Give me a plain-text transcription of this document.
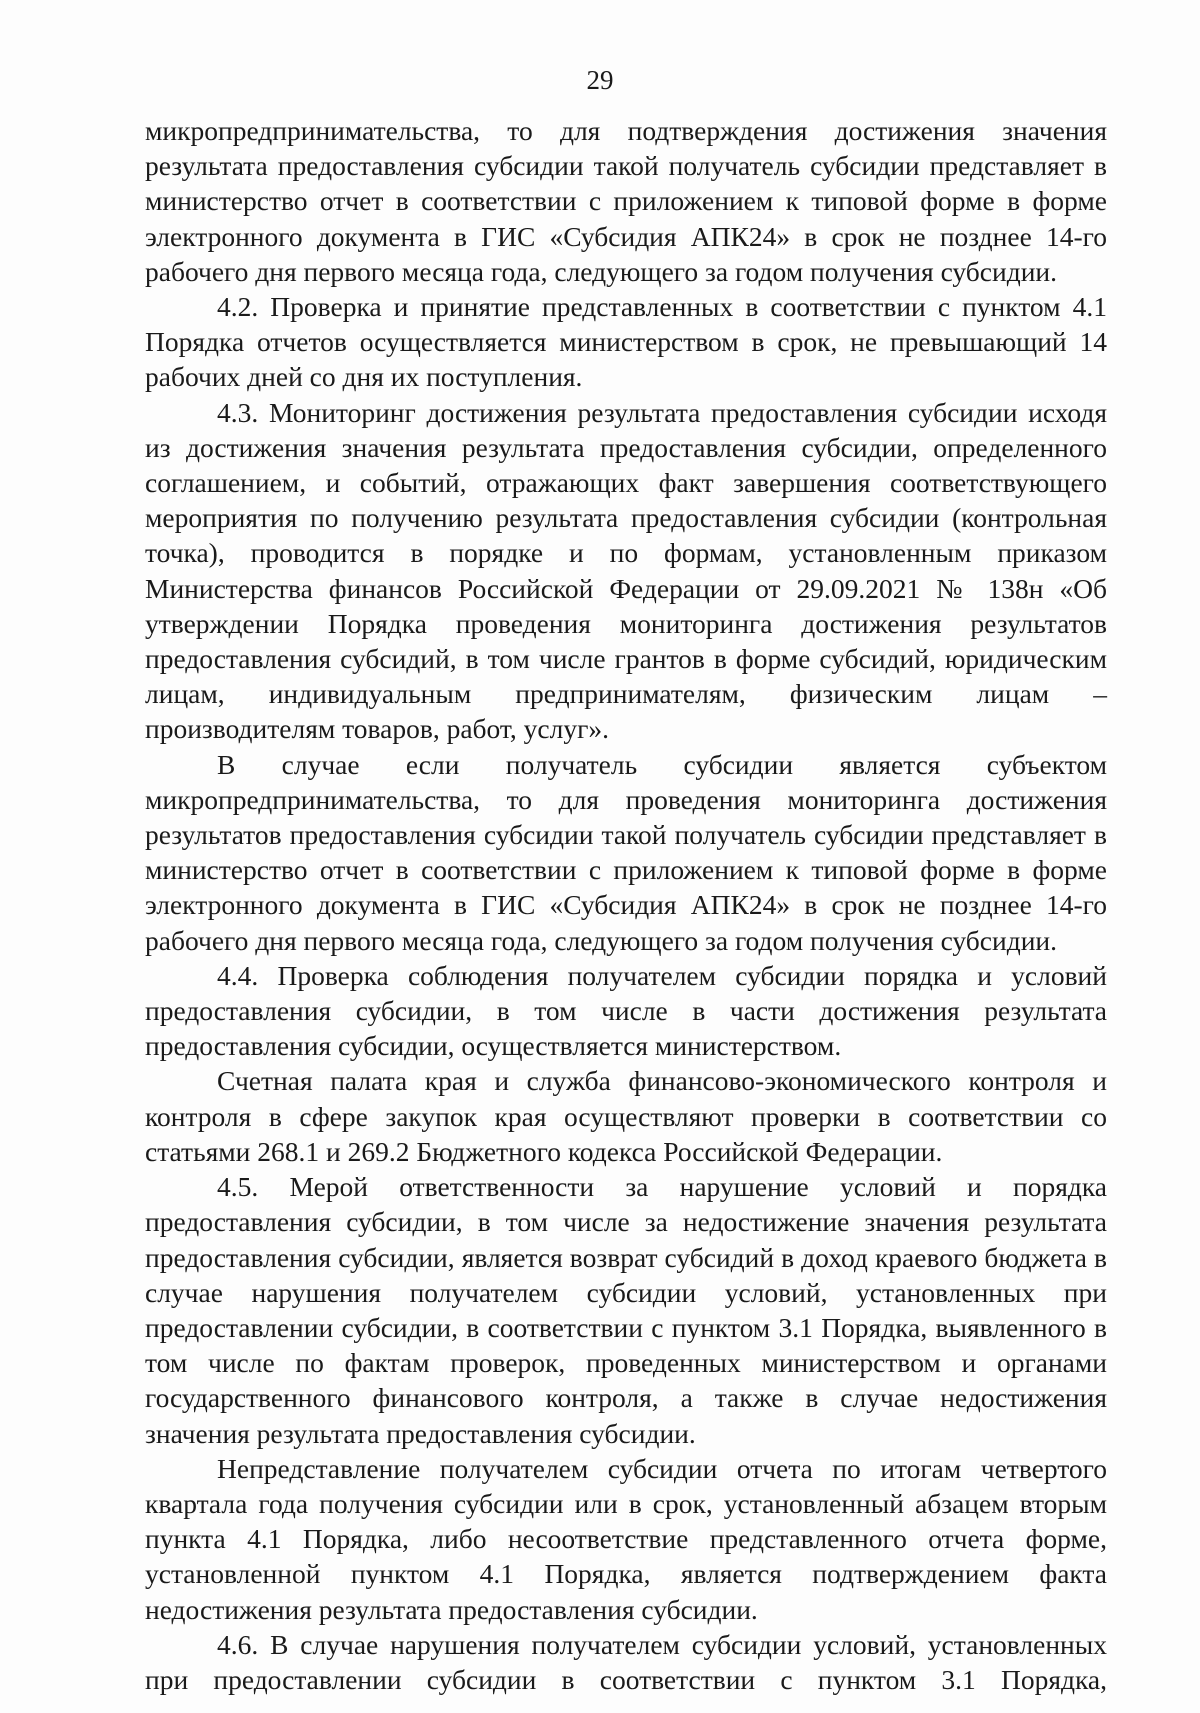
29

микропредпринимательства, то для подтверждения достижения значения результата предоставления субсидии такой получатель субсидии представляет в министерство отчет в соответствии с приложением к типовой форме в форме электронного документа в ГИС «Субсидия АПК24» в срок не позднее 14-го рабочего дня первого месяца года, следующего за годом получения субсидии.

4.2. Проверка и принятие представленных в соответствии с пунктом 4.1 Порядка отчетов осуществляется министерством в срок, не превышающий 14 рабочих дней со дня их поступления.

4.3. Мониторинг достижения результата предоставления субсидии исходя из достижения значения результата предоставления субсидии, определенного соглашением, и событий, отражающих факт завершения соответствующего мероприятия по получению результата предоставления субсидии (контрольная точка), проводится в порядке и по формам, установленным приказом Министерства финансов Российской Федерации от 29.09.2021 № 138н «Об утверждении Порядка проведения мониторинга достижения результатов предоставления субсидий, в том числе грантов в форме субсидий, юридическим лицам, индивидуальным предпринимателям, физическим лицам – производителям товаров, работ, услуг».

В случае если получатель субсидии является субъектом микропредпринимательства, то для проведения мониторинга достижения результатов предоставления субсидии такой получатель субсидии представляет в министерство отчет в соответствии с приложением к типовой форме в форме электронного документа в ГИС «Субсидия АПК24» в срок не позднее 14-го рабочего дня первого месяца года, следующего за годом получения субсидии.

4.4. Проверка соблюдения получателем субсидии порядка и условий предоставления субсидии, в том числе в части достижения результата предоставления субсидии, осуществляется министерством.

Счетная палата края и служба финансово-экономического контроля и контроля в сфере закупок края осуществляют проверки в соответствии со статьями 268.1 и 269.2 Бюджетного кодекса Российской Федерации.

4.5. Мерой ответственности за нарушение условий и порядка предоставления субсидии, в том числе за недостижение значения результата предоставления субсидии, является возврат субсидий в доход краевого бюджета в случае нарушения получателем субсидии условий, установленных при предоставлении субсидии, в соответствии с пунктом 3.1 Порядка, выявленного в том числе по фактам проверок, проведенных министерством и органами государственного финансового контроля, а также в случае недостижения значения результата предоставления субсидии.

Непредставление получателем субсидии отчета по итогам четвертого квартала года получения субсидии или в срок, установленный абзацем вторым пункта 4.1 Порядка, либо несоответствие представленного отчета форме, установленной пунктом 4.1 Порядка, является подтверждением факта недостижения результата предоставления субсидии.

4.6. В случае нарушения получателем субсидии условий, установленных при предоставлении субсидии в соответствии с пунктом 3.1 Порядка,
